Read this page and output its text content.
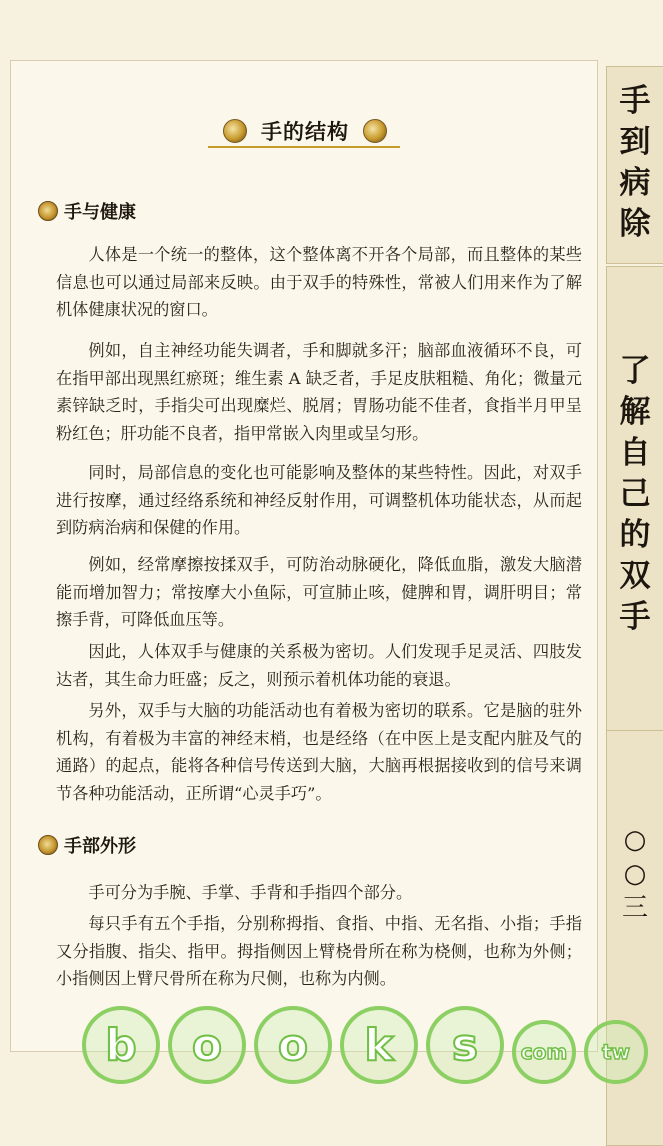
手的结构
手与健康

人体是一个统一的整体，这个整体离不开各个局部，而且整体的某些信息也可以通过局部来反映。由于双手的特殊性，常被人们用来作为了解机体健康状况的窗口。

例如，自主神经功能失调者，手和脚就多汗；脑部血液循环不良，可在指甲部出现黑红瘀斑；维生素 A 缺乏者，手足皮肤粗糙、角化；微量元素锌缺乏时，手指尖可出现糜烂、脱屑；胃肠功能不佳者，食指半月甲呈粉红色；肝功能不良者，指甲常嵌入肉里或呈匀形。

同时，局部信息的变化也可能影响及整体的某些特性。因此，对双手进行按摩，通过经络系统和神经反射作用，可调整机体功能状态，从而起到防病治病和保健的作用。

例如，经常摩擦按揉双手，可防治动脉硬化，降低血脂，激发大脑潜能而增加智力；常按摩大小鱼际，可宣肺止咳，健脾和胃，调肝明目；常擦手背，可降低血压等。

因此，人体双手与健康的关系极为密切。人们发现手足灵活、四肢发达者，其生命力旺盛；反之，则预示着机体功能的衰退。

另外，双手与大脑的功能活动也有着极为密切的联系。它是脑的驻外机构，有着极为丰富的神经末梢，也是经络（在中医上是支配内脏及气的通路）的起点，能将各种信号传送到大脑，大脑再根据接收到的信号来调节各种功能活动，正所谓“心灵手巧”。

手部外形

手可分为手腕、手掌、手背和手指四个部分。

每只手有五个手指，分别称拇指、食指、中指、无名指、小指；手指又分指腹、指尖、指甲。拇指侧因上臂桡骨所在称为桡侧，也称为外侧；小指侧因上臂尺骨所在称为尺侧，也称为内侧。

手
到
病
除
了
解
自
己
的
双
手
○
○
三
b	o	o	k	s	com	tw
